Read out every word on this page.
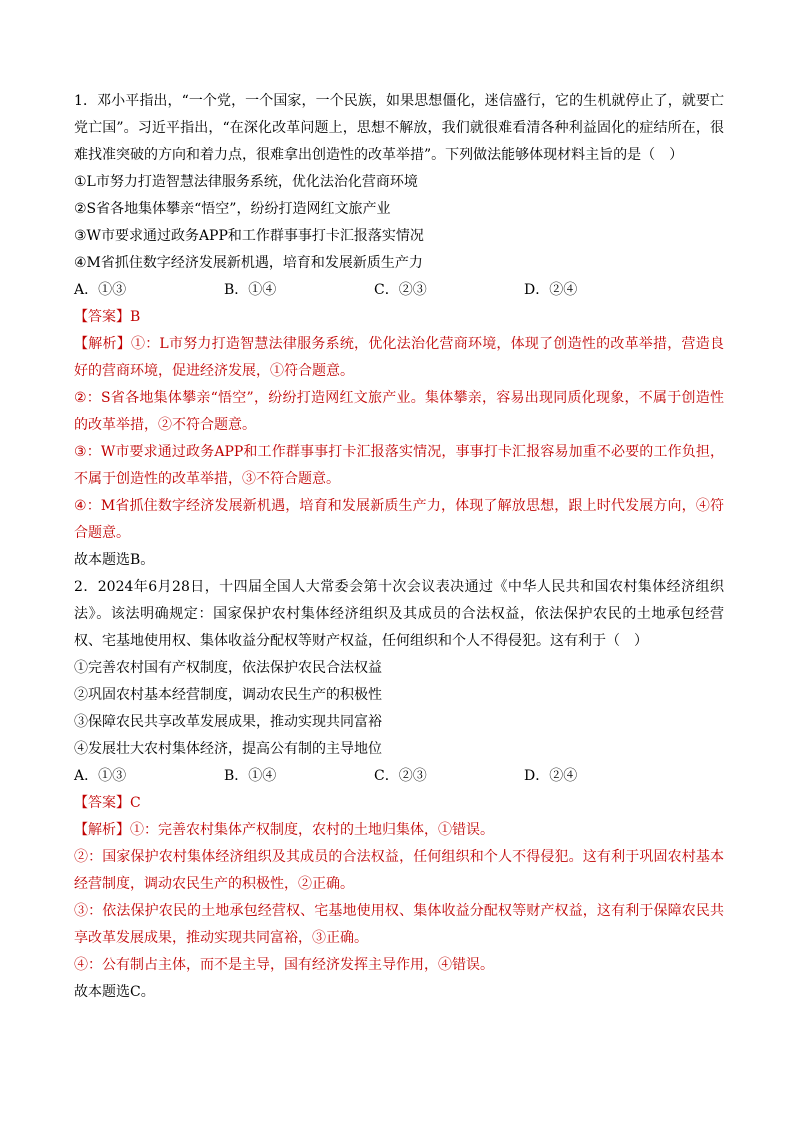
1．邓小平指出，“一个党，一个国家，一个民族，如果思想僵化，迷信盛行，它的生机就停止了，就要亡党亡国”。习近平指出，“在深化改革问题上，思想不解放，我们就很难看清各种利益固化的症结所在，很难找准突破的方向和着力点，很难拿出创造性的改革举措”。下列做法能够体现材料主旨的是（　）
①L市努力打造智慧法律服务系统，优化法治化营商环境
②S省各地集体攀亲“悟空”，纷纷打造网红文旅产业
③W市要求通过政务APP和工作群事事打卡汇报落实情况
④M省抓住数字经济发展新机遇，培育和发展新质生产力
A．①③	B．①④	C．②③	D．②④
【答案】B
【解析】①：L市努力打造智慧法律服务系统，优化法治化营商环境，体现了创造性的改革举措，营造良好的营商环境，促进经济发展，①符合题意。
②：S省各地集体攀亲“悟空”，纷纷打造网红文旅产业。集体攀亲，容易出现同质化现象，不属于创造性的改革举措，②不符合题意。
③：W市要求通过政务APP和工作群事事打卡汇报落实情况，事事打卡汇报容易加重不必要的工作负担，不属于创造性的改革举措，③不符合题意。
④：M省抓住数字经济发展新机遇，培育和发展新质生产力，体现了解放思想，跟上时代发展方向，④符合题意。
故本题选B。
2．2024年6月28日，十四届全国人大常委会第十次会议表决通过《中华人民共和国农村集体经济组织法》。该法明确规定：国家保护农村集体经济组织及其成员的合法权益，依法保护农民的土地承包经营权、宅基地使用权、集体收益分配权等财产权益，任何组织和个人不得侵犯。这有利于（　）
①完善农村国有产权制度，依法保护农民合法权益
②巩固农村基本经营制度，调动农民生产的积极性
③保障农民共享改革发展成果，推动实现共同富裕
④发展壮大农村集体经济，提高公有制的主导地位
A．①③	B．①④	C．②③	D．②④
【答案】C
【解析】①：完善农村集体产权制度，农村的土地归集体，①错误。
②：国家保护农村集体经济组织及其成员的合法权益，任何组织和个人不得侵犯。这有利于巩固农村基本经营制度，调动农民生产的积极性，②正确。
③：依法保护农民的土地承包经营权、宅基地使用权、集体收益分配权等财产权益，这有利于保障农民共享改革发展成果，推动实现共同富裕，③正确。
④：公有制占主体，而不是主导，国有经济发挥主导作用，④错误。
故本题选C。
